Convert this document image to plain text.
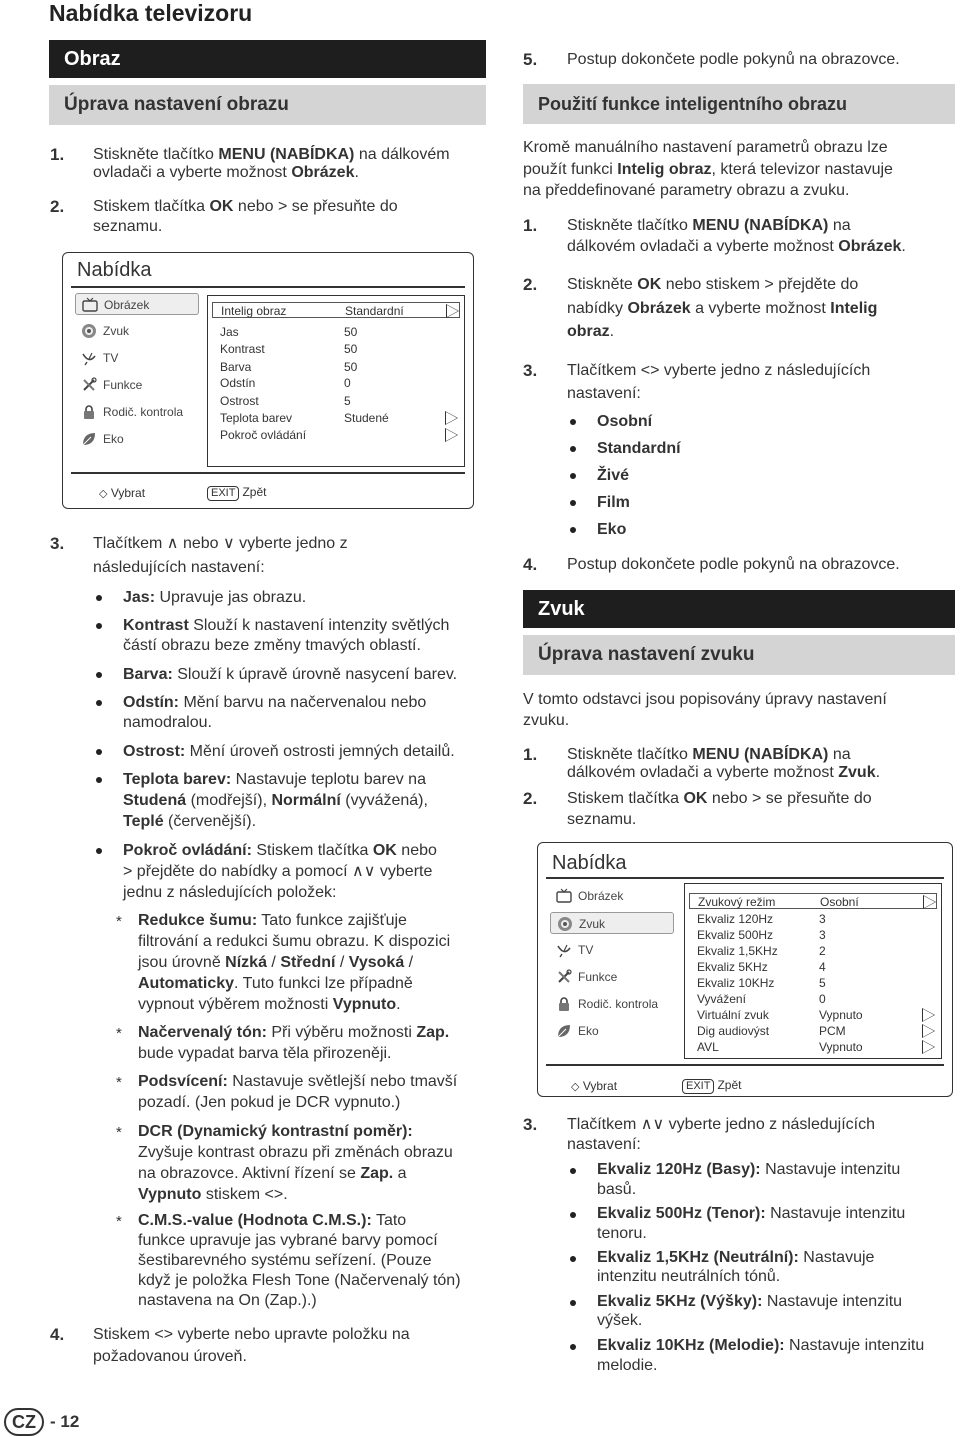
Nabídka televizoru
Obraz
Úprava nastavení obrazu
1. Stiskněte tlačítko MENU (NABÍDKA) na dálkovém
ovladači a vyberte možnost Obrázek.
2. Stiskem tlačítka OK nebo > se přesuňte do
seznamu.
Nabídka
Obrázek
Zvuk
TV
Funkce
Rodič. kontrola
Eko
Intelig obraz	Standardní
Jas	50
Kontrast	50
Barva	50
Odstín	0
Ostrost	5
Teplota barev	Studené
Pokroč ovládání
◇ Vybrat	EXIT Zpět
3. Tlačítkem ∧ nebo ∨ vyberte jedno z
následujících nastavení:
Jas: Upravuje jas obrazu.
Kontrast Slouží k nastavení intenzity světlých
částí obrazu beze změny tmavých oblastí.
Barva: Slouží k úpravě úrovně nasycení barev.
Odstín: Mění barvu na načervenalou nebo
namodralou.
Ostrost: Mění úroveň ostrosti jemných detailů.
Teplota barev: Nastavuje teplotu barev na
Studená (modřejší), Normální (vyvážená),
Teplé (červenější).
Pokroč ovládání: Stiskem tlačítka OK nebo
> přejděte do nabídky a pomocí ∧∨ vyberte
jednu z následujících položek:
* Redukce šumu: Tato funkce zajišťuje
filtrování a redukci šumu obrazu. K dispozici
jsou úrovně Nízká / Střední / Vysoká /
Automaticky. Tuto funkci lze případně
vypnout výběrem možnosti Vypnuto.
* Načervenalý tón: Při výběru možnosti Zap.
bude vypadat barva těla přirozeněji.
* Podsvícení: Nastavuje světlejší nebo tmavší
pozadí. (Jen pokud je DCR vypnuto.)
* DCR (Dynamický kontrastní poměr):
Zvyšuje kontrast obrazu při změnách obrazu
na obrazovce. Aktivní řízení se Zap. a
Vypnuto stiskem <>.
* C.M.S.-value (Hodnota C.M.S.): Tato
funkce upravuje jas vybrané barvy pomocí
šestibarevného systému seřízení. (Pouze
když je položka Flesh Tone (Načervenalý tón)
nastavena na On (Zap.).)
4. Stiskem <> vyberte nebo upravte položku na
požadovanou úroveň.
5. Postup dokončete podle pokynů na obrazovce.
Použití funkce inteligentního obrazu
Kromě manuálního nastavení parametrů obrazu lze
použít funkci Intelig obraz, která televizor nastavuje
na předdefinované parametry obrazu a zvuku.
1. Stiskněte tlačítko MENU (NABÍDKA) na
dálkovém ovladači a vyberte možnost Obrázek.
2. Stiskněte OK nebo stiskem > přejděte do
nabídky Obrázek a vyberte možnost Intelig
obraz.
3. Tlačítkem <> vyberte jedno z následujících
nastavení:
Osobní
Standardní
Živé
Film
Eko
4. Postup dokončete podle pokynů na obrazovce.
Zvuk
Úprava nastavení zvuku
V tomto odstavci jsou popisovány úpravy nastavení
zvuku.
1. Stiskněte tlačítko MENU (NABÍDKA) na
dálkovém ovladači a vyberte možnost Zvuk.
2. Stiskem tlačítka OK nebo > se přesuňte do
seznamu.
Nabídka
Obrázek
Zvuk
TV
Funkce
Rodič. kontrola
Eko
Zvukový režim	Osobní
Ekvaliz 120Hz	3
Ekvaliz 500Hz	3
Ekvaliz 1,5KHz	2
Ekvaliz 5KHz	4
Ekvaliz 10KHz	5
Vyvážení	0
Virtuální zvuk	Vypnuto
Dig audiovýst	PCM
AVL	Vypnuto
◇ Vybrat	EXIT Zpět
3. Tlačítkem ∧∨ vyberte jedno z následujících
nastavení:
Ekvaliz 120Hz (Basy): Nastavuje intenzitu
basů.
Ekvaliz 500Hz (Tenor): Nastavuje intenzitu
tenoru.
Ekvaliz 1,5KHz (Neutrální): Nastavuje
intenzitu neutrálních tónů.
Ekvaliz 5KHz (Výšky): Nastavuje intenzitu
výšek.
Ekvaliz 10KHz (Melodie): Nastavuje intenzitu
melodie.
CZ - 12
